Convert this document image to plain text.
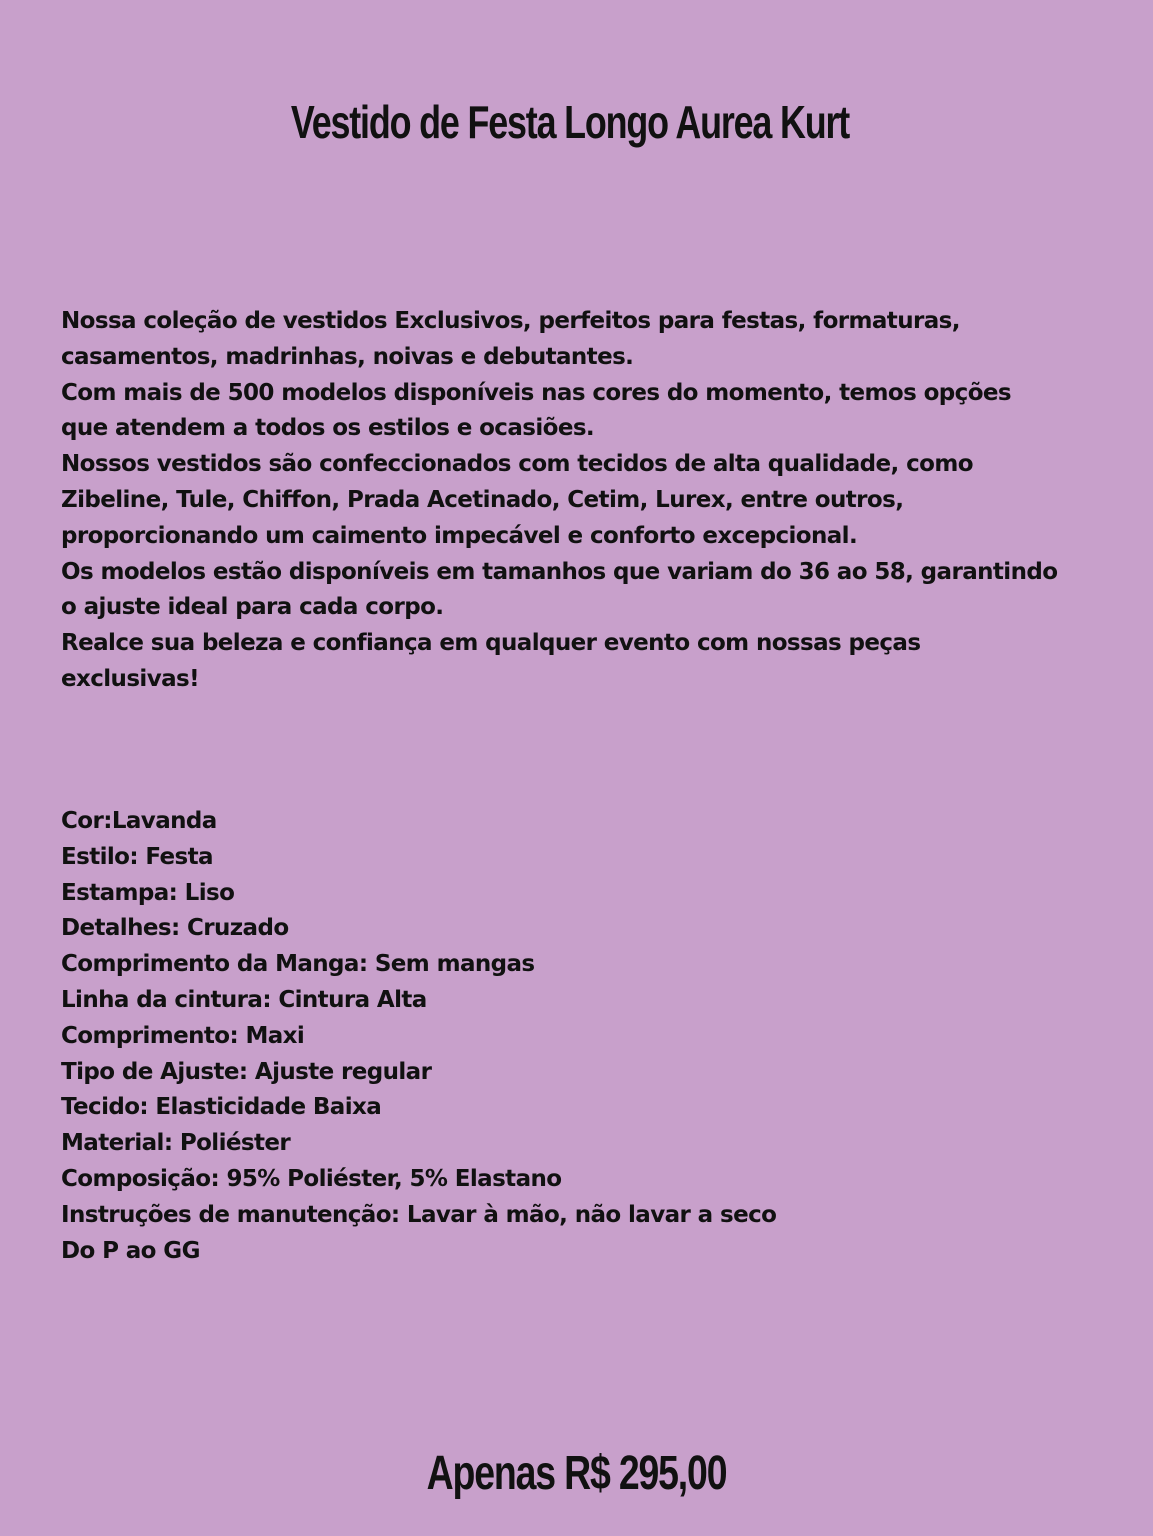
Vestido de Festa Longo Aurea Kurt

Nossa coleção de vestidos Exclusivos, perfeitos para festas, formaturas, casamentos, madrinhas, noivas e debutantes.

Com mais de 500 modelos disponíveis nas cores do momento, temos opções que atendem a todos os estilos e ocasiões.

Nossos vestidos são confeccionados com tecidos de alta qualidade, como Zibeline, Tule, Chiffon, Prada Acetinado, Cetim, Lurex, entre outros, proporcionando um caimento impecável e conforto excepcional.

Os modelos estão disponíveis em tamanhos que variam do 36 ao 58, garantindo o ajuste ideal para cada corpo.

Realce sua beleza e confiança em qualquer evento com nossas peças exclusivas!

Cor:Lavanda
Estilo: Festa
Estampa: Liso
Detalhes: Cruzado
Comprimento da Manga: Sem mangas
Linha da cintura: Cintura Alta
Comprimento: Maxi
Tipo de Ajuste: Ajuste regular
Tecido: Elasticidade Baixa
Material: Poliéster
Composição: 95% Poliéster, 5% Elastano
Instruções de manutenção: Lavar à mão, não lavar a seco
Do P ao GG
Apenas R$ 295,00
